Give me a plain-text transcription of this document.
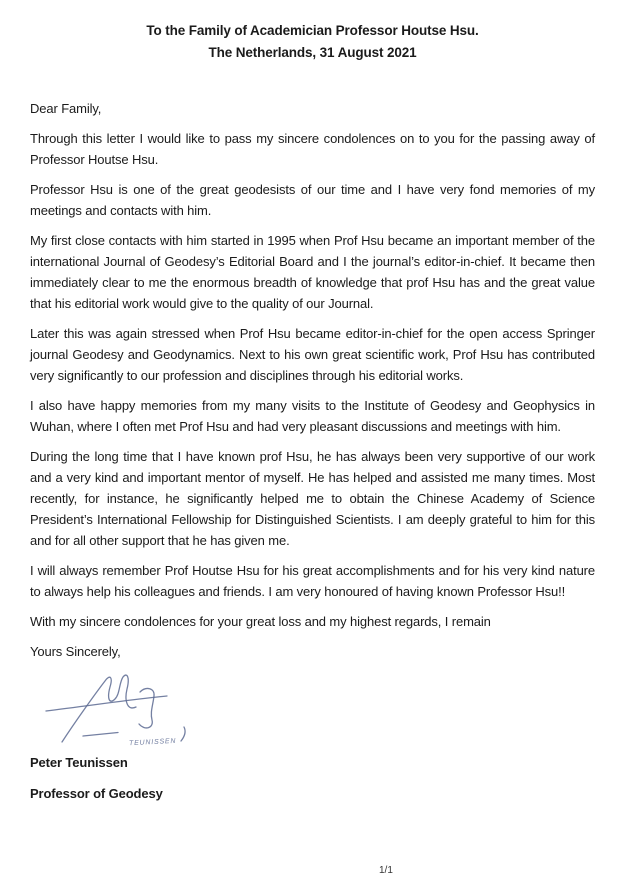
To the Family of Academician Professor Houtse Hsu.
The Netherlands, 31 August 2021

Dear Family,

Through this letter I would like to pass my sincere condolences on to you for the passing away of Professor Houtse Hsu.

Professor Hsu is one of the great geodesists of our time and I have very fond memories of my meetings and contacts with him.

My first close contacts with him started in 1995 when Prof Hsu became an important member of the international Journal of Geodesy’s Editorial Board and I the journal’s editor-in-chief. It became then immediately clear to me the enormous breadth of knowledge that prof Hsu has and the great value that his editorial work would give to the quality of our Journal.

Later this was again stressed when Prof Hsu became editor-in-chief for the open access Springer journal Geodesy and Geodynamics. Next to his own great scientific work, Prof Hsu has contributed very significantly to our profession and disciplines through his editorial works.

I also have happy memories from my many visits to the Institute of Geodesy and Geophysics in Wuhan, where I often met Prof Hsu and had very pleasant discussions and meetings with him.

During the long time that I have known prof Hsu, he has always been very supportive of our work and a very kind and important mentor of myself. He has helped and assisted me many times. Most recently, for instance, he significantly helped me to obtain the Chinese Academy of Science President’s International Fellowship for Distinguished Scientists. I am deeply grateful to him for this and for all other support that he has given me.

I will always remember Prof Houtse Hsu for his great accomplishments and for his very kind nature to always help his colleagues and friends. I am very honoured of having known Professor Hsu!!

With my sincere condolences for your great loss and my highest regards, I remain

Yours Sincerely,

TEUNISSEN

Peter Teunissen

Professor of Geodesy

1/1
